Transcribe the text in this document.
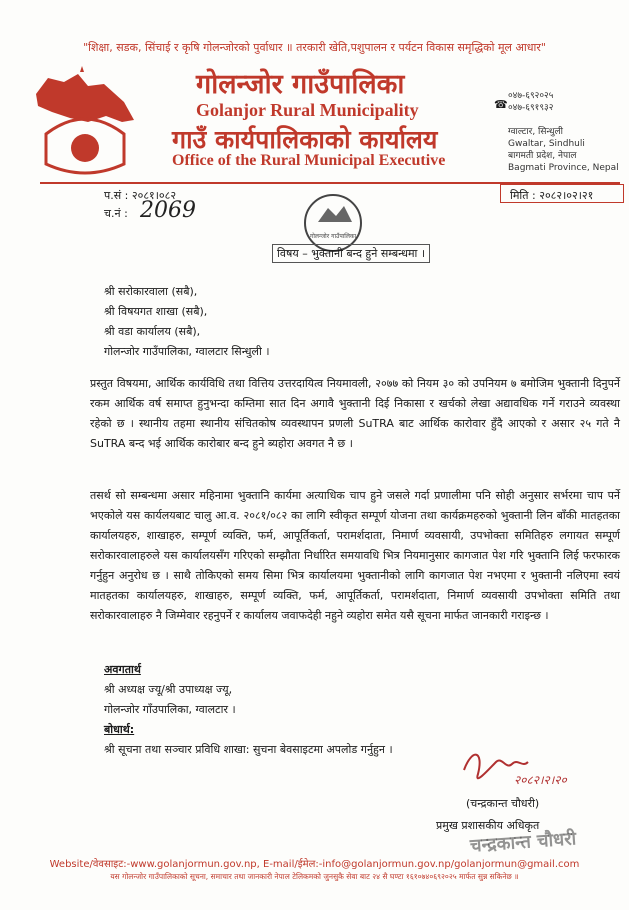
"शिक्षा, सडक, सिंचाई र कृषि गोलन्जोरको पुर्वाधार ॥ तरकारी खेति,पशुपालन र पर्यटन विकास समृद्धिको मूल आधार"
गोलन्जोर गाउँपालिका
Golanjor Rural Municipality
गाउँ कार्यपालिकाको कार्यालय
Office of the Rural Municipal Executive
☎
०४७-६९२०२५
०४७-६९१९३२
ग्वाल्टार, सिन्धुली
Gwaltar, Sindhuli
बागमती प्रदेश, नेपाल
Bagmati Province, Nepal
प.सं : २०८१।०८२	मिति : २०८२।०२।२१
च.नं : 2069
गोलन्जोर गाउँपालिका
विषय – भुक्तानी बन्द हुने सम्बन्धमा ।
श्री सरोकारवाला (सबै),
श्री विषयगत शाखा (सबै),
श्री वडा कार्यालय (सबै),
गोलन्जोर गाउँपालिका, ग्वालटार सिन्धुली ।
प्रस्तुत विषयमा, आर्थिक कार्यविधि तथा वित्तिय उत्तरदायित्व नियमावली, २०७७ को नियम ३० को उपनियम ७ बमोजिम भुक्तानी दिनुपर्ने रकम आर्थिक वर्ष समाप्त हुनुभन्दा कम्तिमा सात दिन अगावै भुक्तानी दिई निकासा र खर्चको लेखा अद्यावधिक गर्ने गराउने व्यवस्था रहेको छ । स्थानीय तहमा स्थानीय संचितकोष व्यवस्थापन प्रणली SuTRA बाट आर्थिक कारोवार हुँदै आएको र असार २५ गते नै SuTRA बन्द भई आर्थिक कारोबार बन्द हुने ब्यहोरा अवगत नै छ ।
तसर्थ सो सम्बन्धमा असार महिनामा भुक्तानि कार्यमा अत्याधिक चाप हुने जसले गर्दा प्रणालीमा पनि सोही अनुसार सर्भरमा चाप पर्ने भएकोले यस कार्यलयबाट चालु आ.व. २०८१/०८२ का लागि स्वीकृत सम्पूर्ण योजना तथा कार्यक्रमहरुको भुक्तानी लिन बाँकी मातहतका कार्यालयहरु, शाखाहरु, सम्पूर्ण व्यक्ति, फर्म, आपूर्तिकर्ता, परामर्शदाता, निमार्ण व्यवसायी, उपभोक्ता समितिहरु लगायत सम्पूर्ण सरोकारवालाहरुले यस कार्यालयसँग गरिएको सम्झौता निर्धारित समयावधि भित्र नियमानुसार कागजात पेश गरि भुक्तानि लिई फरफारक गर्नुहुन अनुरोध छ । साथै तोकिएको समय सिमा भित्र कार्यालयमा भुक्तानीको लागि कागजात पेश नभएमा र भुक्तानी नलिएमा स्वयं मातहतका कार्यालयहरु, शाखाहरु, सम्पूर्ण व्यक्ति, फर्म, आपूर्तिकर्ता, परामर्शदाता, निमार्ण व्यवसायी उपभोक्ता समिति तथा सरोकारवालाहरु नै जिम्मेवार रहनुपर्ने र कार्यालय जवाफदेही नहुने व्यहोरा समेत यसै सूचना मार्फत जानकारी गराइन्छ ।
अवगतार्थ
श्री अध्यक्ष ज्यू/श्री उपाध्यक्ष ज्यू,
गोलन्जोर गाँउपालिका, ग्वालटार ।
बोधार्थ:
श्री सूचना तथा सञ्चार प्रविधि शाखा: सुचना बेवसाइटमा अपलोड गर्नुहुन ।
२०८२।२।२०
(चन्द्रकान्त चौधरी)
प्रमुख प्रशासकीय अधिकृत
चन्द्रकान्त चौधरी
Website/वेवसाइट:-www.golanjormun.gov.np, E-mail/ईमेल:-info@golanjormun.gov.np/golanjormun@gmail.com
यस गोलन्जोर गाउँपालिकाको सूचना, समाचार तथा जानकारी नेपाल टेलिकमको जुनसुकै सेवा बाट २४ सै घण्टा १६१०७४०६९२०२५ मार्फत सुन्न सकिनेछ ॥
